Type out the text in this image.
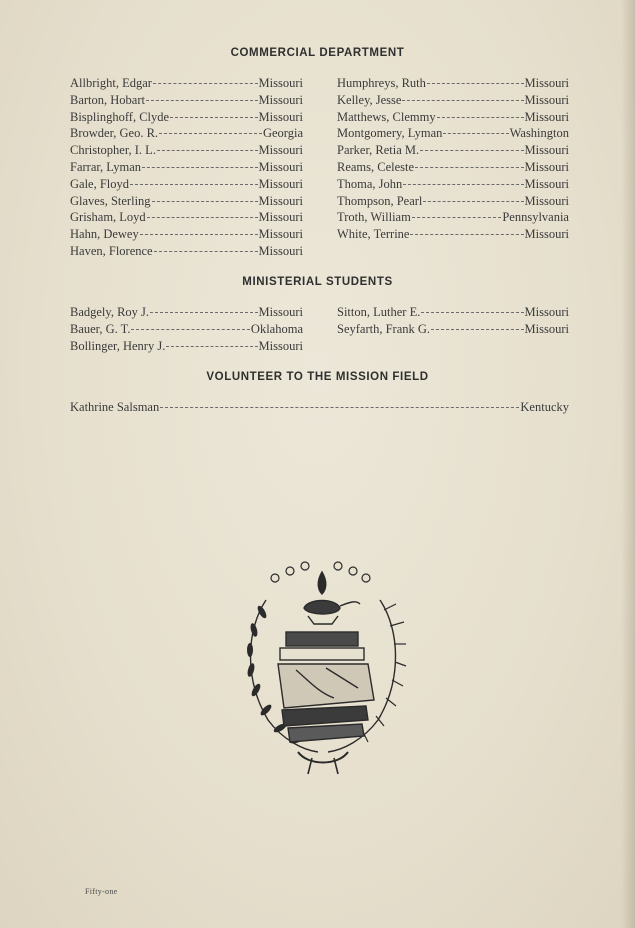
COMMERCIAL DEPARTMENT
Allbright, Edgar	Missouri
Barton, Hobart	Missouri
Bisplinghoff, Clyde	Missouri
Browder, Geo. R.	Georgia
Christopher, I. L.	Missouri
Farrar, Lyman	Missouri
Gale, Floyd	Missouri
Glaves, Sterling	Missouri
Grisham, Loyd	Missouri
Hahn, Dewey	Missouri
Haven, Florence	Missouri
Humphreys, Ruth	Missouri
Kelley, Jesse	Missouri
Matthews, Clemmy	Missouri
Montgomery, Lyman	Washington
Parker, Retia M.	Missouri
Reams, Celeste	Missouri
Thoma, John	Missouri
Thompson, Pearl	Missouri
Troth, William	Pennsylvania
White, Terrine	Missouri
MINISTERIAL STUDENTS
Badgely, Roy J.	Missouri
Bauer, G. T.	Oklahoma
Bollinger, Henry J.	Missouri
Sitton, Luther E.	Missouri
Seyfarth, Frank G.	Missouri
VOLUNTEER TO THE MISSION FIELD
Kathrine Salsman	Kentucky
Fifty-one
